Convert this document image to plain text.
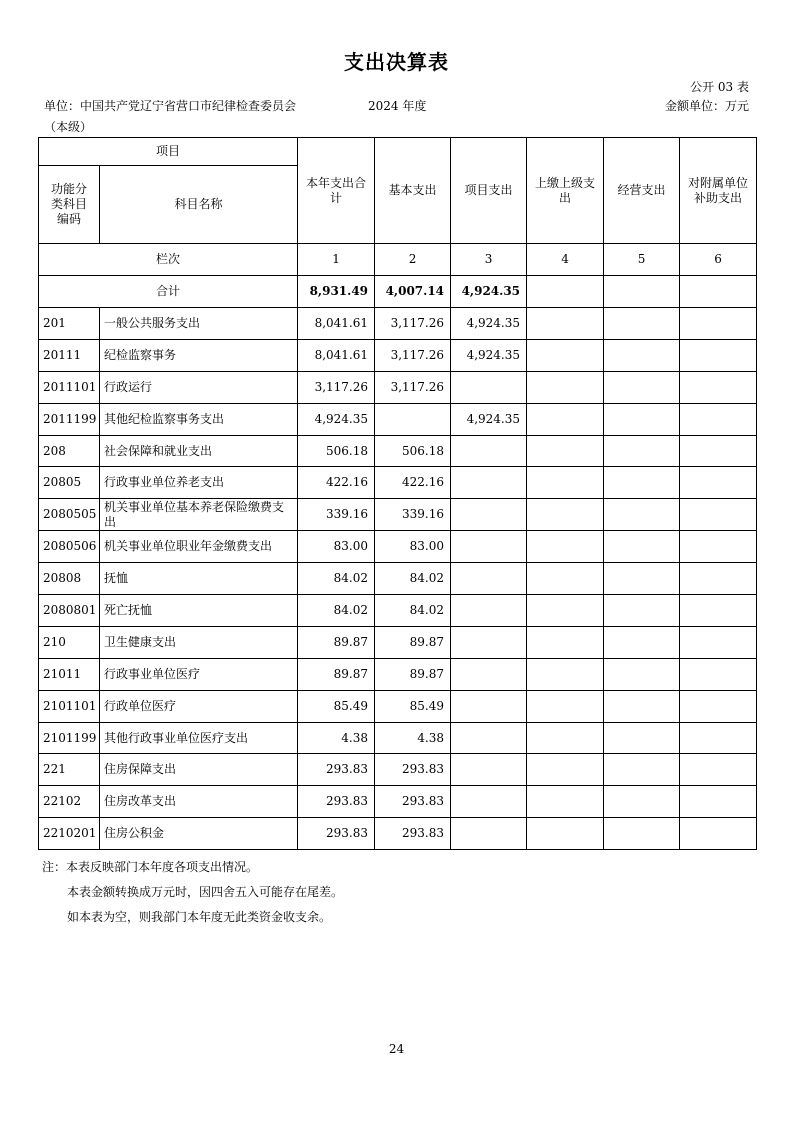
支出决算表
公开 03 表
单位：中国共产党辽宁省营口市纪律检查委员会	2024 年度	金额单位：万元
（本级）
项目		本年支出合计	基本支出	项目支出	上缴上级支出	经营支出	对附属单位补助支出
功能分类科目编码	科目名称						
栏次		1	2	3	4	5	6
合计		8,931.49	4,007.14	4,924.35			
201	一般公共服务支出	8,041.61	3,117.26	4,924.35			
20111	纪检监察事务	8,041.61	3,117.26	4,924.35			
2011101	行政运行	3,117.26	3,117.26				
2011199	其他纪检监察事务支出	4,924.35		4,924.35			
208	社会保障和就业支出	506.18	506.18				
20805	行政事业单位养老支出	422.16	422.16				
2080505	机关事业单位基本养老保险缴费支出	339.16	339.16				
2080506	机关事业单位职业年金缴费支出	83.00	83.00				
20808	抚恤	84.02	84.02				
2080801	死亡抚恤	84.02	84.02				
210	卫生健康支出	89.87	89.87				
21011	行政事业单位医疗	89.87	89.87				
2101101	行政单位医疗	85.49	85.49				
2101199	其他行政事业单位医疗支出	4.38	4.38				
221	住房保障支出	293.83	293.83				
22102	住房改革支出	293.83	293.83				
2210201	住房公积金	293.83	293.83				
注：本表反映部门本年度各项支出情况。
本表金额转换成万元时，因四舍五入可能存在尾差。
如本表为空，则我部门本年度无此类资金收支余。
24
